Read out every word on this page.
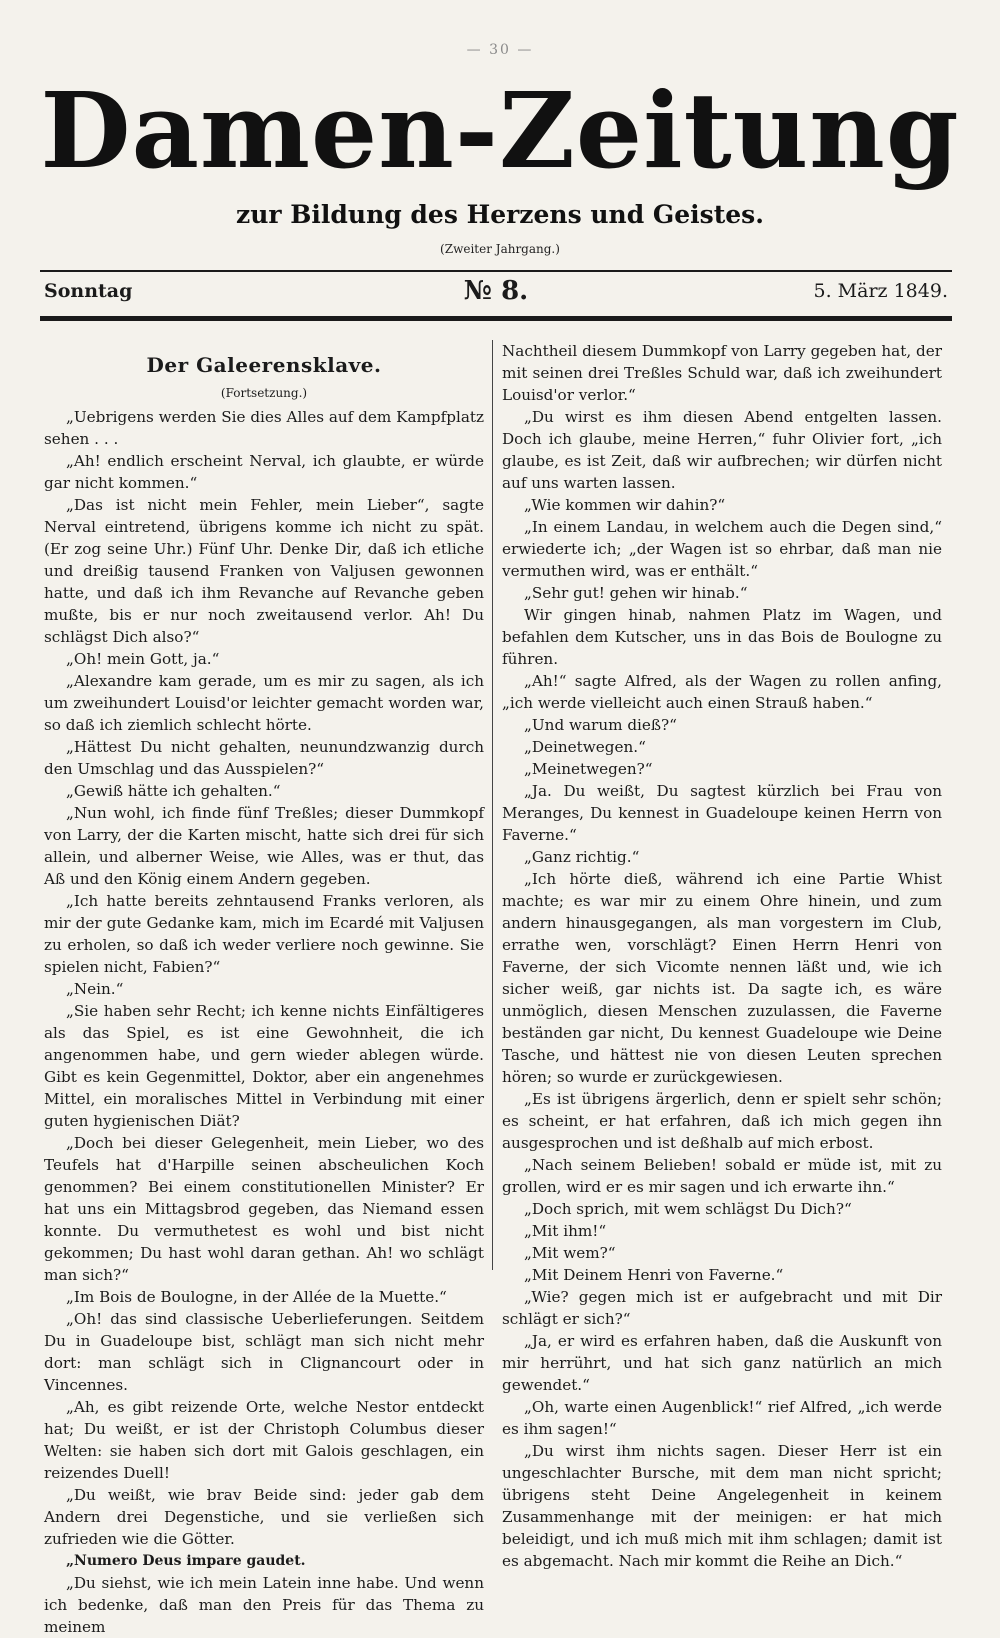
— 30 —
Damen-Zeitung
zur Bildung des Herzens und Geistes.
(Zweiter Jahrgang.)
Sonntag	№ 8.	5. März 1849.
Der Galeerensklave.
(Fortsetzung.)

„Uebrigens werden Sie dies Alles auf dem Kampfplatz sehen . . .

„Ah! endlich erscheint Nerval, ich glaubte, er würde gar nicht kommen.“

„Das ist nicht mein Fehler, mein Lieber“, sagte Nerval eintretend, übrigens komme ich nicht zu spät. (Er zog seine Uhr.) Fünf Uhr. Denke Dir, daß ich etliche und dreißig tausend Franken von Valjusen gewonnen hatte, und daß ich ihm Revanche auf Revanche geben mußte, bis er nur noch zweitausend verlor. Ah! Du schlägst Dich also?“

„Oh! mein Gott, ja.“

„Alexandre kam gerade, um es mir zu sagen, als ich um zweihundert Louisd'or leichter gemacht worden war, so daß ich ziemlich schlecht hörte.

„Hättest Du nicht gehalten, neunundzwanzig durch den Umschlag und das Ausspielen?“

„Gewiß hätte ich gehalten.“

„Nun wohl, ich finde fünf Treßles; dieser Dummkopf von Larry, der die Karten mischt, hatte sich drei für sich allein, und alberner Weise, wie Alles, was er thut, das Aß und den König einem Andern gegeben.

„Ich hatte bereits zehntausend Franks verloren, als mir der gute Gedanke kam, mich im Ecardé mit Valjusen zu erholen, so daß ich weder verliere noch gewinne. Sie spielen nicht, Fabien?“

„Nein.“

„Sie haben sehr Recht; ich kenne nichts Einfältigeres als das Spiel, es ist eine Gewohnheit, die ich angenommen habe, und gern wieder ablegen würde. Gibt es kein Gegenmittel, Doktor, aber ein angenehmes Mittel, ein moralisches Mittel in Verbindung mit einer guten hygienischen Diät?

„Doch bei dieser Gelegenheit, mein Lieber, wo des Teufels hat d'Harpille seinen abscheulichen Koch genommen? Bei einem constitutionellen Minister? Er hat uns ein Mittagsbrod gegeben, das Niemand essen konnte. Du vermuthetest es wohl und bist nicht gekommen; Du hast wohl daran gethan. Ah! wo schlägt man sich?“

„Im Bois de Boulogne, in der Allée de la Muette.“

„Oh! das sind classische Ueberlieferungen. Seitdem Du in Guadeloupe bist, schlägt man sich nicht mehr dort: man schlägt sich in Clignancourt oder in Vincennes.

„Ah, es gibt reizende Orte, welche Nestor entdeckt hat; Du weißt, er ist der Christoph Columbus dieser Welten: sie haben sich dort mit Galois geschlagen, ein reizendes Duell!

„Du weißt, wie brav Beide sind: jeder gab dem Andern drei Degenstiche, und sie verließen sich zufrieden wie die Götter.

„Numero Deus impare gaudet.

„Du siehst, wie ich mein Latein inne habe. Und wenn ich bedenke, daß man den Preis für das Thema zu meinem

Nachtheil diesem Dummkopf von Larry gegeben hat, der mit seinen drei Treßles Schuld war, daß ich zweihundert Louisd'or verlor.“

„Du wirst es ihm diesen Abend entgelten lassen. Doch ich glaube, meine Herren,“ fuhr Olivier fort, „ich glaube, es ist Zeit, daß wir aufbrechen; wir dürfen nicht auf uns warten lassen.

„Wie kommen wir dahin?“

„In einem Landau, in welchem auch die Degen sind,“ erwiederte ich; „der Wagen ist so ehrbar, daß man nie vermuthen wird, was er enthält.“

„Sehr gut! gehen wir hinab.“

Wir gingen hinab, nahmen Platz im Wagen, und befahlen dem Kutscher, uns in das Bois de Boulogne zu führen.

„Ah!“ sagte Alfred, als der Wagen zu rollen anfing, „ich werde vielleicht auch einen Strauß haben.“

„Und warum dieß?“

„Deinetwegen.“

„Meinetwegen?“

„Ja. Du weißt, Du sagtest kürzlich bei Frau von Meranges, Du kennest in Guadeloupe keinen Herrn von Faverne.“

„Ganz richtig.“

„Ich hörte dieß, während ich eine Partie Whist machte; es war mir zu einem Ohre hinein, und zum andern hinausgegangen, als man vorgestern im Club, errathe wen, vorschlägt? Einen Herrn Henri von Faverne, der sich Vicomte nennen läßt und, wie ich sicher weiß, gar nichts ist. Da sagte ich, es wäre unmöglich, diesen Menschen zuzulassen, die Faverne beständen gar nicht, Du kennest Guadeloupe wie Deine Tasche, und hättest nie von diesen Leuten sprechen hören; so wurde er zurückgewiesen.

„Es ist übrigens ärgerlich, denn er spielt sehr schön; es scheint, er hat erfahren, daß ich mich gegen ihn ausgesprochen und ist deßhalb auf mich erbost.

„Nach seinem Belieben! sobald er müde ist, mit zu grollen, wird er es mir sagen und ich erwarte ihn.“

„Doch sprich, mit wem schlägst Du Dich?“

„Mit ihm!“

„Mit wem?“

„Mit Deinem Henri von Faverne.“

„Wie? gegen mich ist er aufgebracht und mit Dir schlägt er sich?“

„Ja, er wird es erfahren haben, daß die Auskunft von mir herrührt, und hat sich ganz natürlich an mich gewendet.“

„Oh, warte einen Augenblick!“ rief Alfred, „ich werde es ihm sagen!“

„Du wirst ihm nichts sagen. Dieser Herr ist ein ungeschlachter Bursche, mit dem man nicht spricht; übrigens steht Deine Angelegenheit in keinem Zusammenhange mit der meinigen: er hat mich beleidigt, und ich muß mich mit ihm schlagen; damit ist es abgemacht. Nach mir kommt die Reihe an Dich.“
